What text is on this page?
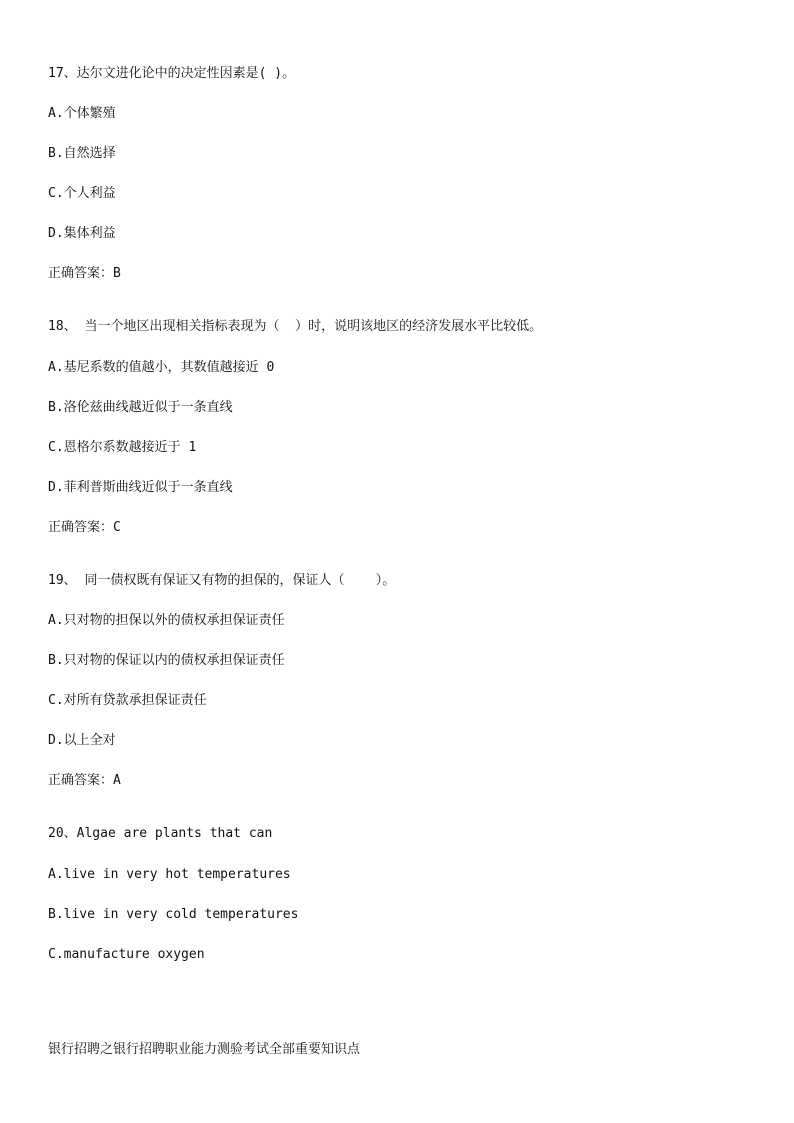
17、达尔文进化论中的决定性因素是( )。
A.个体繁殖
B.自然选择
C.个人利益
D.集体利益
正确答案：B
18、 当一个地区出现相关指标表现为（  ）时，说明该地区的经济发展水平比较低。
A.基尼系数的值越小，其数值越接近 0
B.洛伦兹曲线越近似于一条直线
C.恩格尔系数越接近于 1
D.菲利普斯曲线近似于一条直线
正确答案：C
19、 同一债权既有保证又有物的担保的，保证人（    ）。
A.只对物的担保以外的债权承担保证责任
B.只对物的保证以内的债权承担保证责任
C.对所有贷款承担保证责任
D.以上全对
正确答案：A
20、Algae are plants that can
A.live in very hot temperatures
B.live in very cold temperatures
C.manufacture oxygen
银行招聘之银行招聘职业能力测验考试全部重要知识点
